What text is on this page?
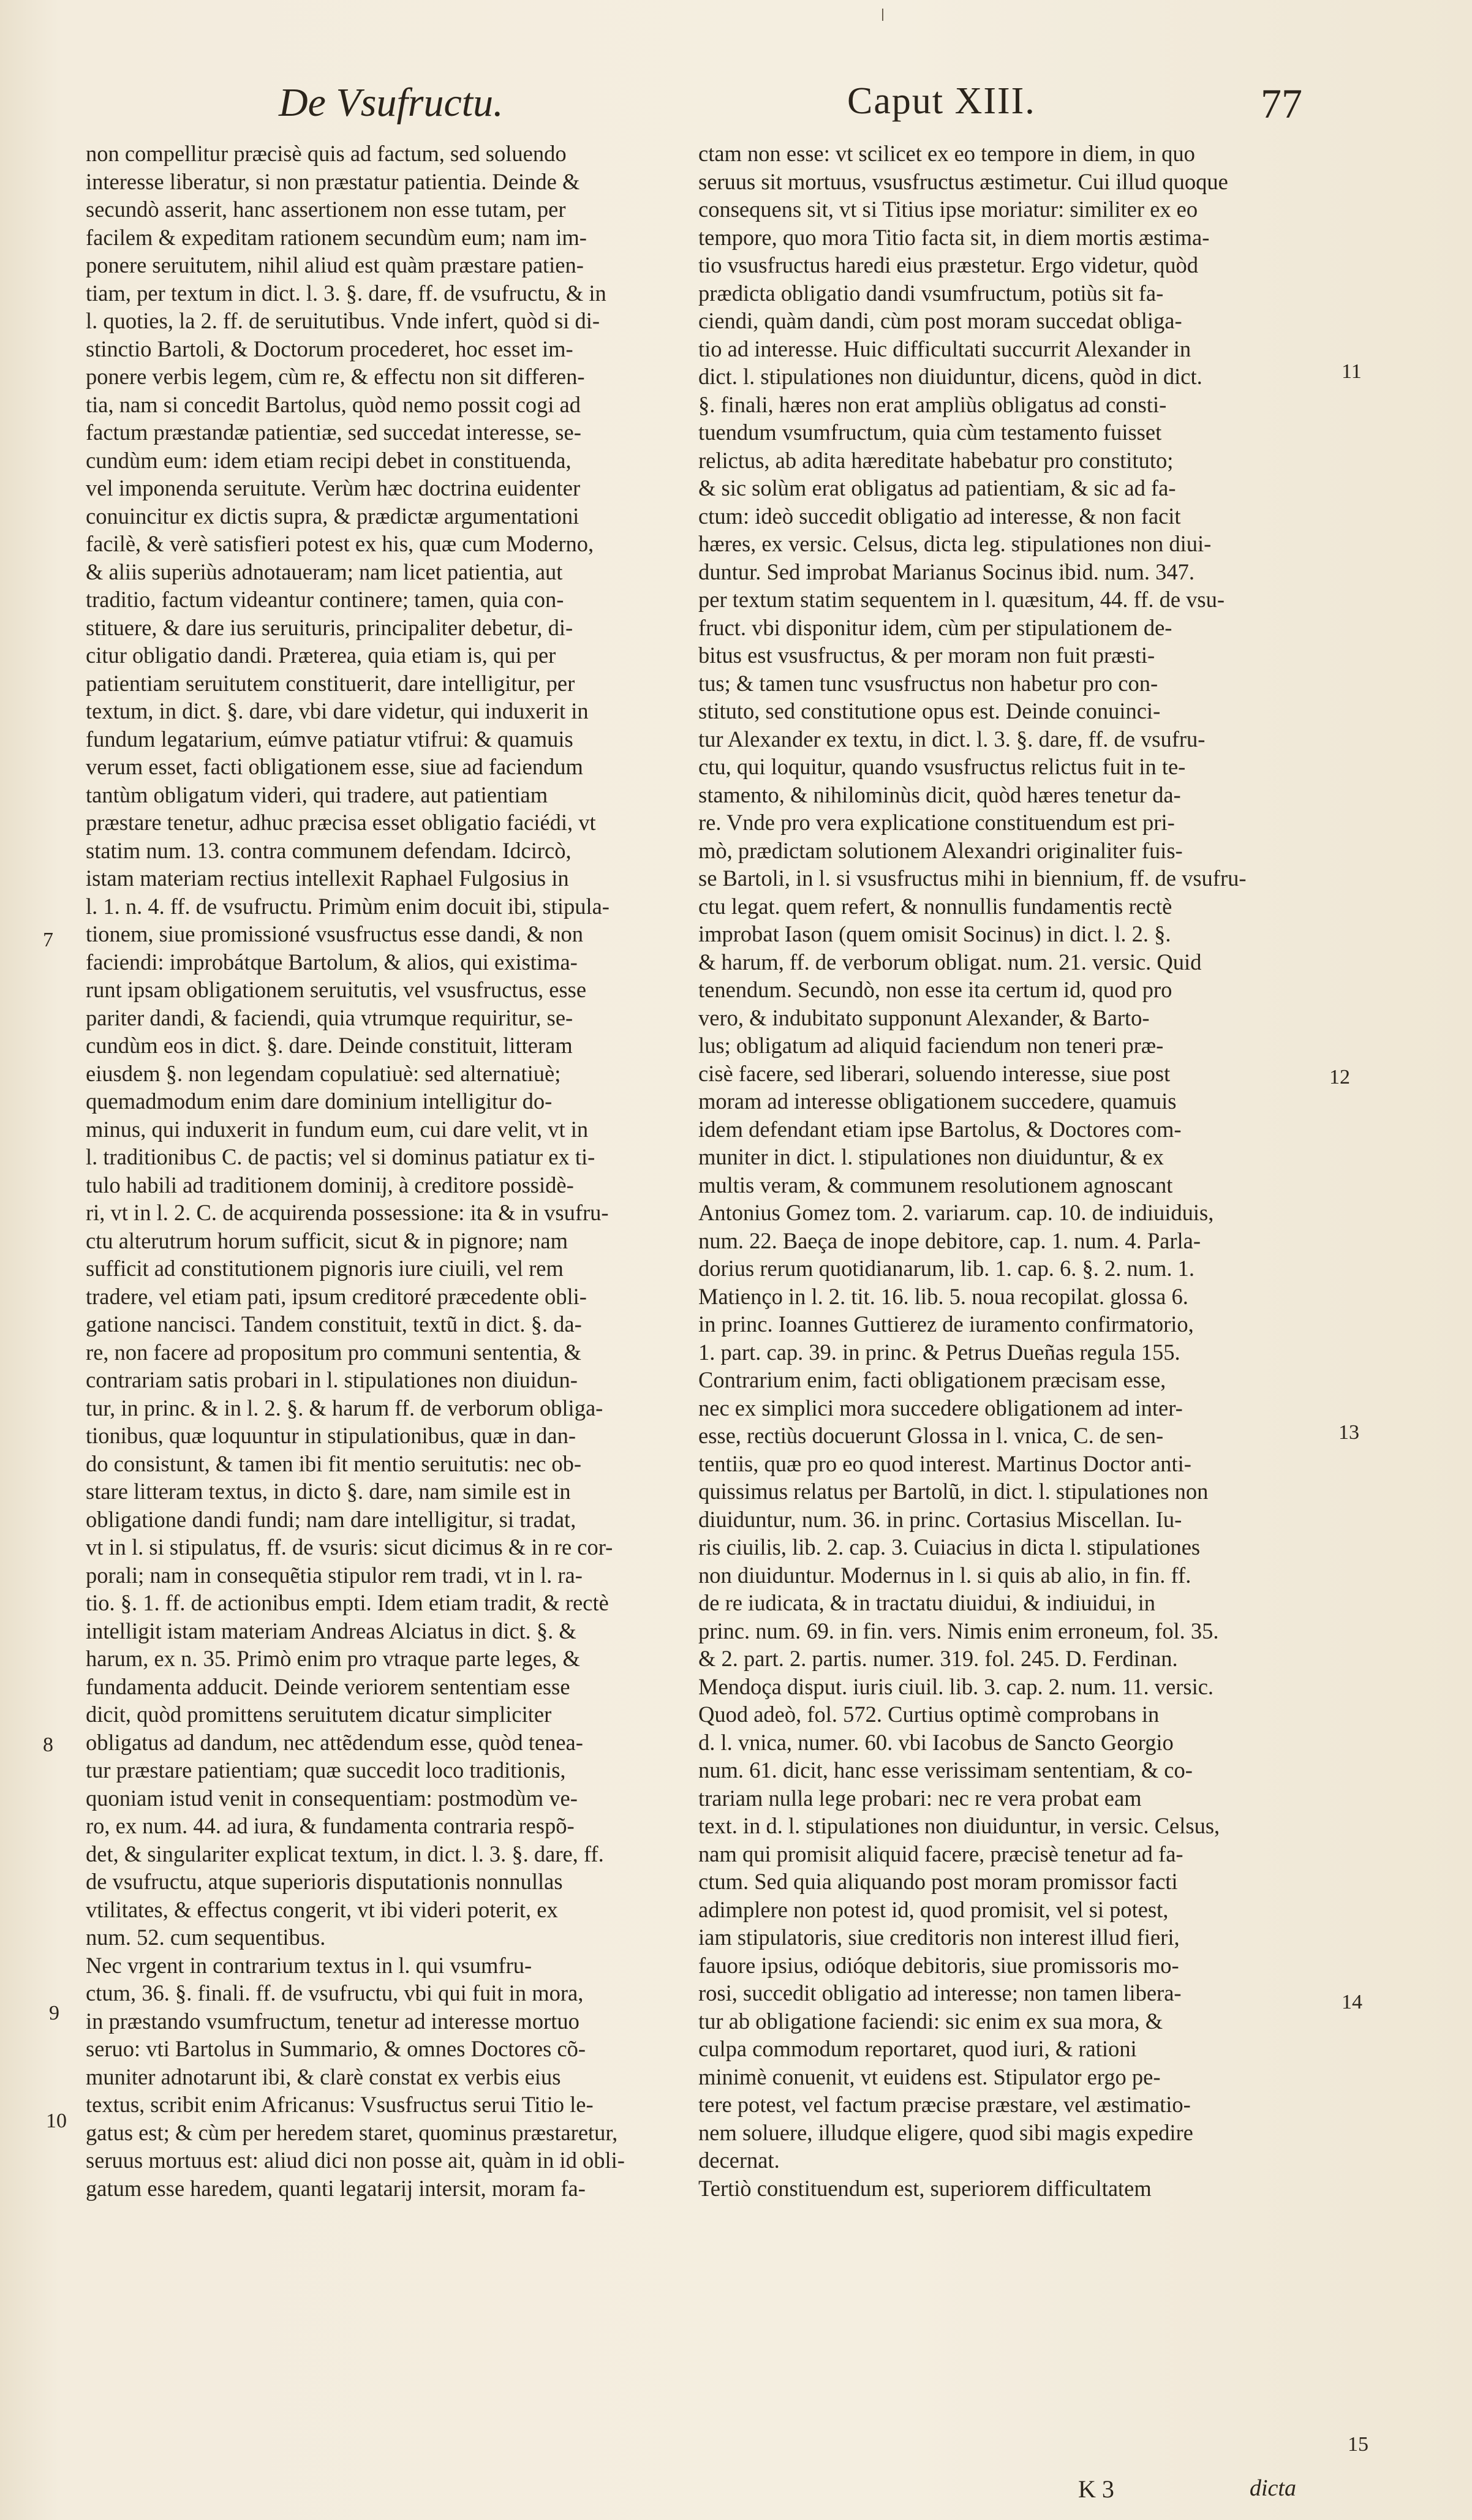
De Vsufructu.	Caput XIII.	77
non compellitur præcisè quis ad factum, sed soluendo
interesse liberatur, si non præstatur patientia. Deinde &
secundò asserit, hanc assertionem non esse tutam, per
facilem & expeditam rationem secundùm eum; nam im-
ponere seruitutem, nihil aliud est quàm præstare patien-
tiam, per textum in dict. l. 3. §. dare, ff. de vsufructu, & in
l. quoties, la 2. ff. de seruitutibus. Vnde infert, quòd si di-
stinctio Bartoli, & Doctorum procederet, hoc esset im-
ponere verbis legem, cùm re, & effectu non sit differen-
tia, nam si concedit Bartolus, quòd nemo possit cogi ad
factum præstandæ patientiæ, sed succedat interesse, se-
cundùm eum: idem etiam recipi debet in constituenda,
vel imponenda seruitute. Verùm hæc doctrina euidenter
conuincitur ex dictis supra, & prædictæ argumentationi
facilè, & verè satisfieri potest ex his, quæ cum Moderno,
& aliis superiùs adnotaueram; nam licet patientia, aut
traditio, factum videantur continere; tamen, quia con-
stituere, & dare ius seruituris, principaliter debetur, di-
citur obligatio dandi. Præterea, quia etiam is, qui per
patientiam seruitutem constituerit, dare intelligitur, per
textum, in dict. §. dare, vbi dare videtur, qui induxerit in
fundum legatarium, eúmve patiatur vtifrui: & quamuis
verum esset, facti obligationem esse, siue ad faciendum
tantùm obligatum videri, qui tradere, aut patientiam
præstare tenetur, adhuc præcisa esset obligatio faciédi, vt
statim num. 13. contra communem defendam. Idcircò,
istam materiam rectius intellexit Raphael Fulgosius in
l. 1. n. 4. ff. de vsufructu. Primùm enim docuit ibi, stipula-
tionem, siue promissioné vsusfructus esse dandi, & non
faciendi: improbátque Bartolum, & alios, qui existima-
runt ipsam obligationem seruitutis, vel vsusfructus, esse
pariter dandi, & faciendi, quia vtrumque requiritur, se-
cundùm eos in dict. §. dare. Deinde constituit, litteram
eiusdem §. non legendam copulatiuè: sed alternatiuè;
quemadmodum enim dare dominium intelligitur do-
minus, qui induxerit in fundum eum, cui dare velit, vt in
l. traditionibus C. de pactis; vel si dominus patiatur ex ti-
tulo habili ad traditionem dominij, à creditore possidè-
ri, vt in l. 2. C. de acquirenda possessione: ita & in vsufru-
ctu alterutrum horum sufficit, sicut & in pignore; nam
sufficit ad constitutionem pignoris iure ciuili, vel rem
tradere, vel etiam pati, ipsum creditoré præcedente obli-
gatione nancisci. Tandem constituit, textũ in dict. §. da-
re, non facere ad propositum pro communi sententia, &
contrariam satis probari in l. stipulationes non diuidun-
tur, in princ. & in l. 2. §. & harum ff. de verborum obliga-
tionibus, quæ loquuntur in stipulationibus, quæ in dan-
do consistunt, & tamen ibi fit mentio seruitutis: nec ob-
stare litteram textus, in dicto §. dare, nam simile est in
obligatione dandi fundi; nam dare intelligitur, si tradat,
vt in l. si stipulatus, ff. de vsuris: sicut dicimus & in re cor-
porali; nam in consequẽtia stipulor rem tradi, vt in l. ra-
tio. §. 1. ff. de actionibus empti. Idem etiam tradit, & rectè
intelligit istam materiam Andreas Alciatus in dict. §. &
harum, ex n. 35. Primò enim pro vtraque parte leges, &
fundamenta adducit. Deinde veriorem sententiam esse
dicit, quòd promittens seruitutem dicatur simpliciter
obligatus ad dandum, nec attẽdendum esse, quòd tenea-
tur præstare patientiam; quæ succedit loco traditionis,
quoniam istud venit in consequentiam: postmodùm ve-
ro, ex num. 44. ad iura, & fundamenta contraria respõ-
det, & singulariter explicat textum, in dict. l. 3. §. dare, ff.
de vsufructu, atque superioris disputationis nonnullas
vtilitates, & effectus congerit, vt ibi videri poterit, ex
num. 52. cum sequentibus.
Nec vrgent in contrarium textus in l. qui vsumfru-
ctum, 36. §. finali. ff. de vsufructu, vbi qui fuit in mora,
in præstando vsumfructum, tenetur ad interesse mortuo
seruo: vti Bartolus in Summario, & omnes Doctores cõ-
muniter adnotarunt ibi, & clarè constat ex verbis eius
textus, scribit enim Africanus: Vsusfructus serui Titio le-
gatus est; & cùm per heredem staret, quominus præstaretur,
seruus mortuus est: aliud dici non posse ait, quàm in id obli-
gatum esse haredem, quanti legatarij intersit, moram fa-
ctam non esse: vt scilicet ex eo tempore in diem, in quo
seruus sit mortuus, vsusfructus æstimetur. Cui illud quoque
consequens sit, vt si Titius ipse moriatur: similiter ex eo
tempore, quo mora Titio facta sit, in diem mortis æstima-
tio vsusfructus haredi eius præstetur. Ergo videtur, quòd
prædicta obligatio dandi vsumfructum, potiùs sit fa-
ciendi, quàm dandi, cùm post moram succedat obliga-
tio ad interesse. Huic difficultati succurrit Alexander in
dict. l. stipulationes non diuiduntur, dicens, quòd in dict.
§. finali, hæres non erat ampliùs obligatus ad consti-
tuendum vsumfructum, quia cùm testamento fuisset
relictus, ab adita hæreditate habebatur pro constituto;
& sic solùm erat obligatus ad patientiam, & sic ad fa-
ctum: ideò succedit obligatio ad interesse, & non facit
hæres, ex versic. Celsus, dicta leg. stipulationes non diui-
duntur. Sed improbat Marianus Socinus ibid. num. 347.
per textum statim sequentem in l. quæsitum, 44. ff. de vsu-
fruct. vbi disponitur idem, cùm per stipulationem de-
bitus est vsusfructus, & per moram non fuit præsti-
tus; & tamen tunc vsusfructus non habetur pro con-
stituto, sed constitutione opus est. Deinde conuinci-
tur Alexander ex textu, in dict. l. 3. §. dare, ff. de vsufru-
ctu, qui loquitur, quando vsusfructus relictus fuit in te-
stamento, & nihilominùs dicit, quòd hæres tenetur da-
re. Vnde pro vera explicatione constituendum est pri-
mò, prædictam solutionem Alexandri originaliter fuis-
se Bartoli, in l. si vsusfructus mihi in biennium, ff. de vsufru-
ctu legat. quem refert, & nonnullis fundamentis rectè
improbat Iason (quem omisit Socinus) in dict. l. 2. §.
& harum, ff. de verborum obligat. num. 21. versic. Quid
tenendum. Secundò, non esse ita certum id, quod pro
vero, & indubitato supponunt Alexander, & Barto-
lus; obligatum ad aliquid faciendum non teneri præ-
cisè facere, sed liberari, soluendo interesse, siue post
moram ad interesse obligationem succedere, quamuis
idem defendant etiam ipse Bartolus, & Doctores com-
muniter in dict. l. stipulationes non diuiduntur, & ex
multis veram, & communem resolutionem agnoscant
Antonius Gomez tom. 2. variarum. cap. 10. de indiuiduis,
num. 22. Baeça de inope debitore, cap. 1. num. 4. Parla-
dorius rerum quotidianarum, lib. 1. cap. 6. §. 2. num. 1.
Matienço in l. 2. tit. 16. lib. 5. noua recopilat. glossa 6.
in princ. Ioannes Guttierez de iuramento confirmatorio,
1. part. cap. 39. in princ. & Petrus Dueñas regula 155.
Contrarium enim, facti obligationem præcisam esse,
nec ex simplici mora succedere obligationem ad inter-
esse, rectiùs docuerunt Glossa in l. vnica, C. de sen-
tentiis, quæ pro eo quod interest. Martinus Doctor anti-
quissimus relatus per Bartolũ, in dict. l. stipulationes non
diuiduntur, num. 36. in princ. Cortasius Miscellan. Iu-
ris ciuilis, lib. 2. cap. 3. Cuiacius in dicta l. stipulationes
non diuiduntur. Modernus in l. si quis ab alio, in fin. ff.
de re iudicata, & in tractatu diuidui, & indiuidui, in
princ. num. 69. in fin. vers. Nimis enim erroneum, fol. 35.
& 2. part. 2. partis. numer. 319. fol. 245. D. Ferdinan.
Mendoça disput. iuris ciuil. lib. 3. cap. 2. num. 11. versic.
Quod adeò, fol. 572. Curtius optimè comprobans in
d. l. vnica, numer. 60. vbi Iacobus de Sancto Georgio
num. 61. dicit, hanc esse verissimam sententiam, & co-
trariam nulla lege probari: nec re vera probat eam
text. in d. l. stipulationes non diuiduntur, in versic. Celsus,
nam qui promisit aliquid facere, præcisè tenetur ad fa-
ctum. Sed quia aliquando post moram promissor facti
adimplere non potest id, quod promisit, vel si potest,
iam stipulatoris, siue creditoris non interest illud fieri,
fauore ipsius, odióque debitoris, siue promissoris mo-
rosi, succedit obligatio ad interesse; non tamen libera-
tur ab obligatione faciendi: sic enim ex sua mora, &
culpa commodum reportaret, quod iuri, & rationi
minimè conuenit, vt euidens est. Stipulator ergo pe-
tere potest, vel factum præcise præstare, vel æstimatio-
nem soluere, illudque eligere, quod sibi magis expedire
decernat.
Tertiò constituendum est, superiorem difficultatem
7
8
9
10
11
12
13
14
15
K 3	dicta
